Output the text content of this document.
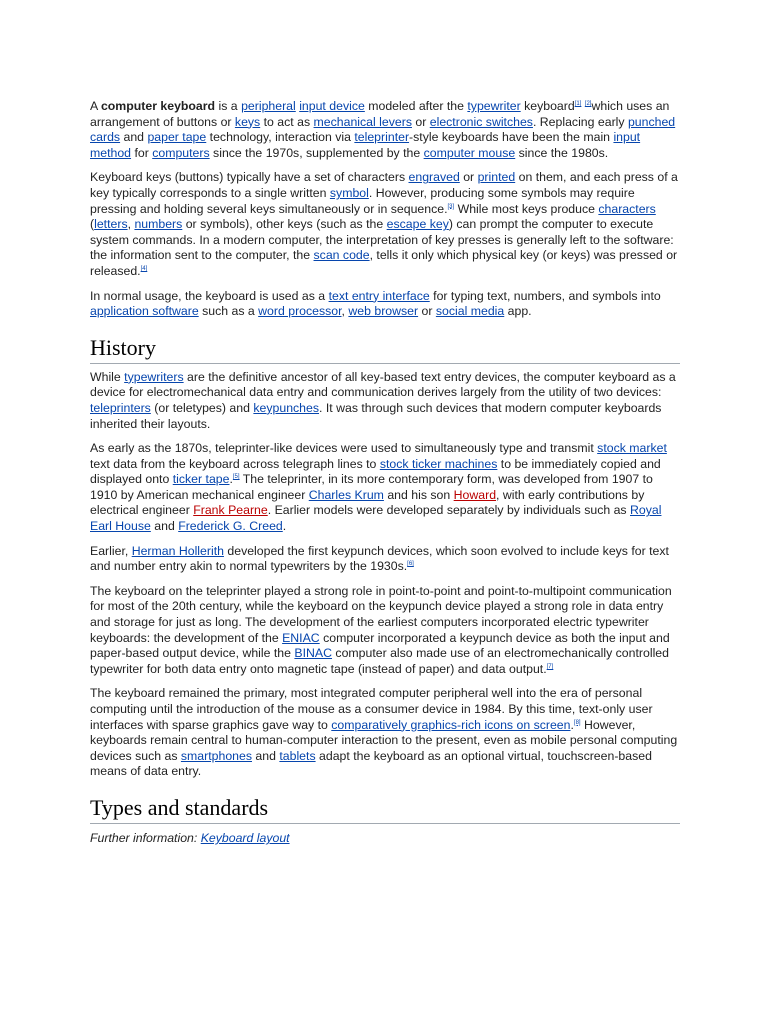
A computer keyboard is a peripheral input device modeled after the typewriter keyboard[1] [2]which uses an arrangement of buttons or keys to act as mechanical levers or electronic switches. Replacing early punched cards and paper tape technology, interaction via teleprinter-style keyboards have been the main input method for computers since the 1970s, supplemented by the computer mouse since the 1980s.

Keyboard keys (buttons) typically have a set of characters engraved or printed on them, and each press of a key typically corresponds to a single written symbol. However, producing some symbols may require pressing and holding several keys simultaneously or in sequence.[3] While most keys produce characters (letters, numbers or symbols), other keys (such as the escape key) can prompt the computer to execute system commands. In a modern computer, the interpretation of key presses is generally left to the software: the information sent to the computer, the scan code, tells it only which physical key (or keys) was pressed or released.[4]

In normal usage, the keyboard is used as a text entry interface for typing text, numbers, and symbols into application software such as a word processor, web browser or social media app.

History

While typewriters are the definitive ancestor of all key-based text entry devices, the computer keyboard as a device for electromechanical data entry and communication derives largely from the utility of two devices: teleprinters (or teletypes) and keypunches. It was through such devices that modern computer keyboards inherited their layouts.

As early as the 1870s, teleprinter-like devices were used to simultaneously type and transmit stock market text data from the keyboard across telegraph lines to stock ticker machines to be immediately copied and displayed onto ticker tape.[5] The teleprinter, in its more contemporary form, was developed from 1907 to 1910 by American mechanical engineer Charles Krum and his son Howard, with early contributions by electrical engineer Frank Pearne. Earlier models were developed separately by individuals such as Royal Earl House and Frederick G. Creed.

Earlier, Herman Hollerith developed the first keypunch devices, which soon evolved to include keys for text and number entry akin to normal typewriters by the 1930s.[6]

The keyboard on the teleprinter played a strong role in point-to-point and point-to-multipoint communication for most of the 20th century, while the keyboard on the keypunch device played a strong role in data entry and storage for just as long. The development of the earliest computers incorporated electric typewriter keyboards: the development of the ENIAC computer incorporated a keypunch device as both the input and paper-based output device, while the BINAC computer also made use of an electromechanically controlled typewriter for both data entry onto magnetic tape (instead of paper) and data output.[7]

The keyboard remained the primary, most integrated computer peripheral well into the era of personal computing until the introduction of the mouse as a consumer device in 1984. By this time, text-only user interfaces with sparse graphics gave way to comparatively graphics-rich icons on screen.[8] However, keyboards remain central to human-computer interaction to the present, even as mobile personal computing devices such as smartphones and tablets adapt the keyboard as an optional virtual, touchscreen-based means of data entry.

Types and standards
Further information: Keyboard layout
